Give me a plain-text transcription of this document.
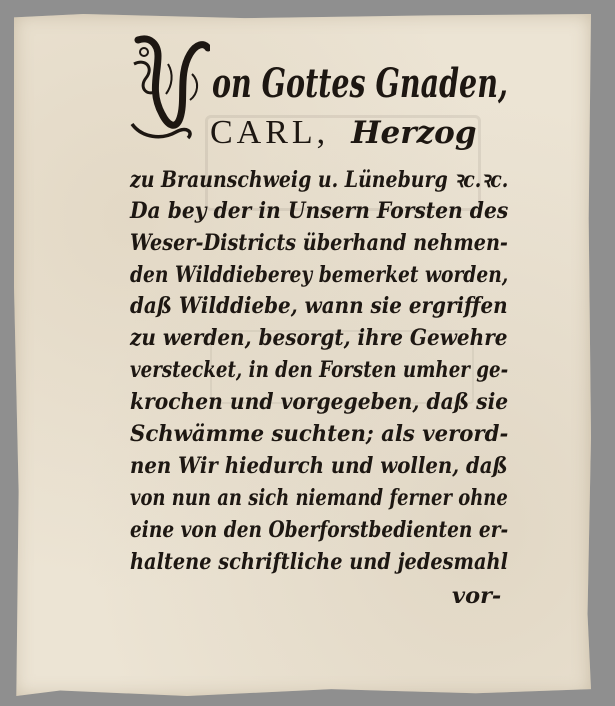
on Gottes Gnaden,
CARL, Herzog
zu Braunschweig u. Lüneburg ꝛc.ꝛc.
Da bey der in Unsern Forsten des
Weser-Districts überhand nehmen-
den Wilddieberey bemerket worden,
daß Wilddiebe, wann sie ergriffen
zu werden, besorgt, ihre Gewehre
verstecket, in den Forsten umher ge-
krochen und vorgegeben, daß sie
Schwämme suchten; als verord-
nen Wir hiedurch und wollen, daß
von nun an sich niemand ferner ohne
eine von den Oberforstbedienten er-
haltene schriftliche und jedesmahl
vor-
